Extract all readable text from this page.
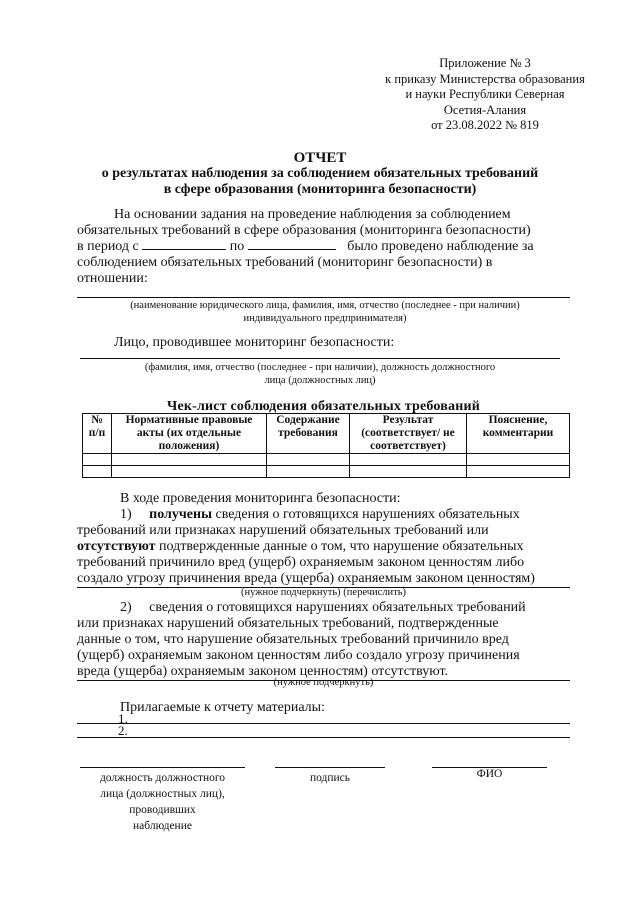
Приложение № 3
к приказу Министерства образования
и науки Республики Северная
Осетия-Алания
от 23.08.2022 № 819
ОТЧЕТ
о результатах наблюдения за соблюдением обязательных требований
в сфере образования (мониторинга безопасности)
На основании задания на проведение наблюдения за соблюдением
обязательных требований в сфере образования (мониторинга безопасности)
в период с	по	было проведено наблюдение за
соблюдением обязательных требований (мониторинг безопасности) в
отношении:
(наименование юридического лица, фамилия, имя, отчество (последнее - при наличии)
индивидуального предпринимателя)
Лицо, проводившее мониторинг безопасности:
(фамилия, имя, отчество (последнее - при наличии), должность должностного
лица (должностных лиц)
Чек-лист соблюдения обязательных требований
№ п/п	Нормативные правовые акты (их отдельные положения)	Содержание требования	Результат (соответствует/ не соответствует)	Пояснение, комментарии

В ходе проведения мониторинга безопасности:
1) получены сведения о готовящихся нарушениях обязательных
требований или признаках нарушений обязательных требований или
отсутствуют подтвержденные данные о том, что нарушение обязательных
требований причинило вред (ущерб) охраняемым законом ценностям либо
создало угрозу причинения вреда (ущерба) охраняемым законом ценностям)
(нужное подчеркнуть) (перечислить)
2) сведения о готовящихся нарушениях обязательных требований
или признаках нарушений обязательных требований, подтвержденные
данные о том, что нарушение обязательных требований причинило вред
(ущерб) охраняемым законом ценностям либо создало угрозу причинения
вреда (ущерба) охраняемым законом ценностям) отсутствуют.
(нужное подчеркнуть)
Прилагаемые к отчету материалы:
1.
2.
должность должностного
лица (должностных лиц),
проводивших
наблюдение
подпись	ФИО
